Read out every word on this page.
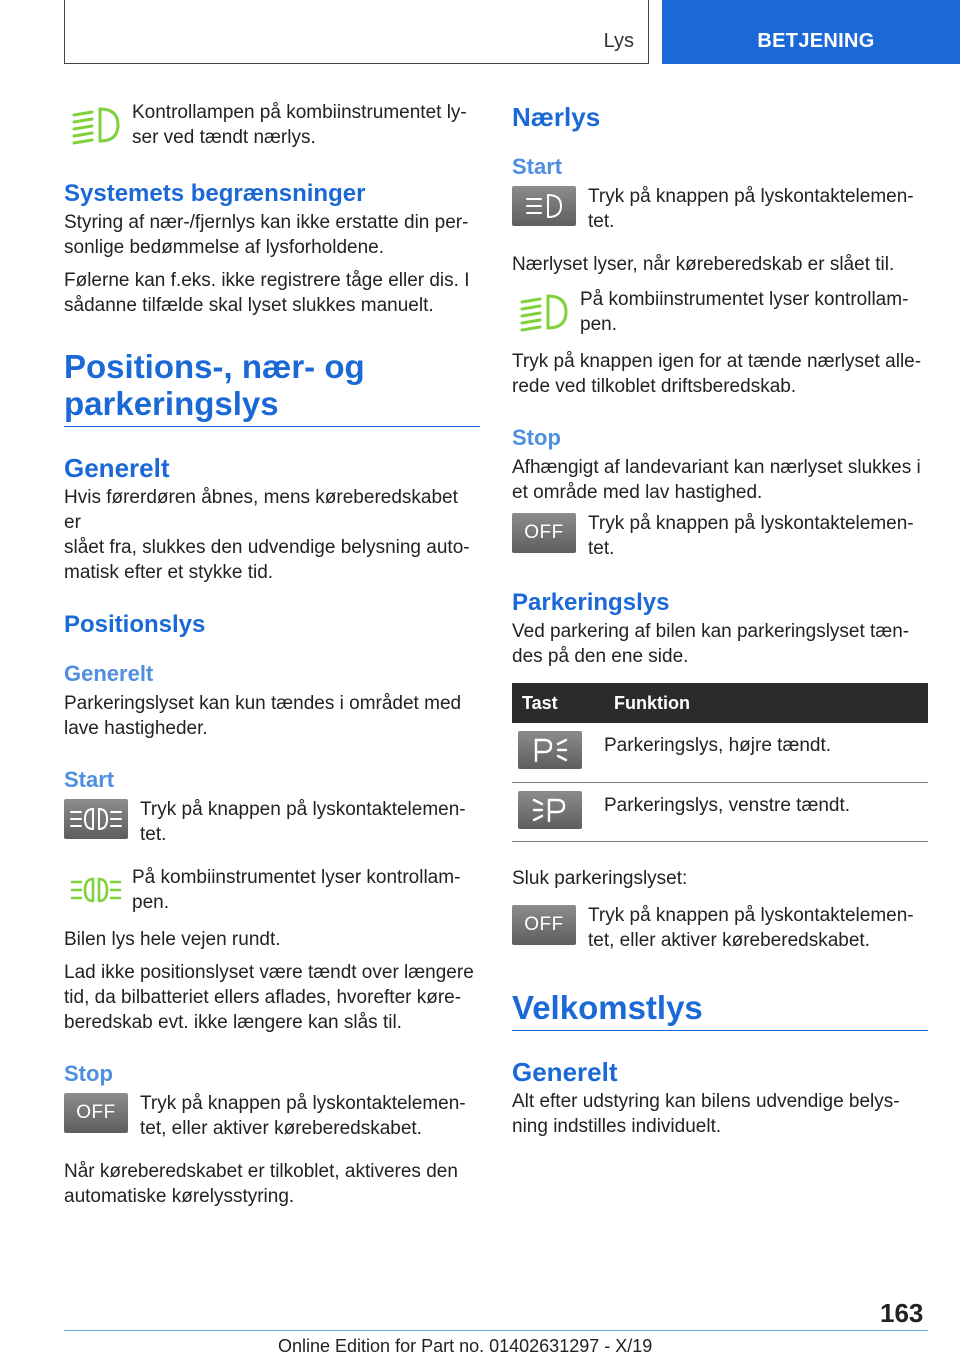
Lys	BETJENING

Kontrollampen på kombiinstrumentet ly-
ser ved tændt nærlys.

Systemets begrænsninger

Styring af nær-/fjernlys kan ikke erstatte din per-
sonlige bedømmelse af lysforholdene.

Følerne kan f.eks. ikke registrere tåge eller dis. I
sådanne tilfælde skal lyset slukkes manuelt.

Positions-, nær- og
parkeringslys
Generelt

Hvis førerdøren åbnes, mens køreberedskabet er
slået fra, slukkes den udvendige belysning auto-
matisk efter et stykke tid.

Positionslys
Generelt

Parkeringslyset kan kun tændes i området med
lave hastigheder.

Start

Tryk på knappen på lyskontaktelemen-
tet.

På kombiinstrumentet lyser kontrollam-
pen.

Bilen lys hele vejen rundt.

Lad ikke positionslyset være tændt over længere
tid, da bilbatteriet ellers aflades, hvorefter køre-
beredskab evt. ikke længere kan slås til.

Stop
OFF	Tryk på knappen på lyskontaktelemen-
tet, eller aktiver køreberedskabet.

Når køreberedskabet er tilkoblet, aktiveres den
automatiske kørelysstyring.

Nærlys
Start

Tryk på knappen på lyskontaktelemen-
tet.

Nærlyset lyser, når køreberedskab er slået til.

På kombiinstrumentet lyser kontrollam-
pen.

Tryk på knappen igen for at tænde nærlyset alle-
rede ved tilkoblet driftsberedskab.

Stop

Afhængigt af landevariant kan nærlyset slukkes i
et område med lav hastighed.

OFF	Tryk på knappen på lyskontaktelemen-
tet.

Parkeringslys

Ved parkering af bilen kan parkeringslyset tæn-
des på den ene side.

Tast	Funktion

	Parkeringslys, højre tændt.

	Parkeringslys, venstre tændt.

Sluk parkeringslyset:

OFF	Tryk på knappen på lyskontaktelemen-
tet, eller aktiver køreberedskabet.

Velkomstlys
Generelt

Alt efter udstyring kan bilens udvendige belys-
ning indstilles individuelt.

163
Online Edition for Part no. 01402631297 - X/19
